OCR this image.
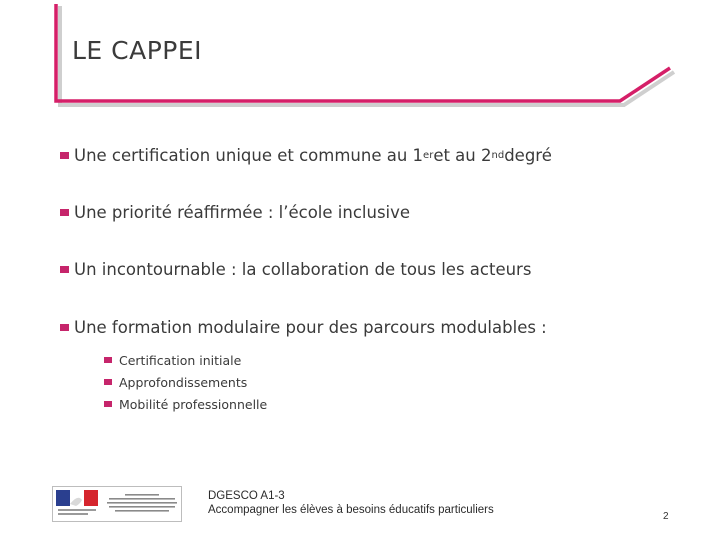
LE CAPPEI
Une certification unique et commune au 1 er et au 2 nd degré
Une priorité réaffirmée : l’école inclusive
Un incontournable : la collaboration de tous les acteurs
Une formation modulaire pour des parcours modulables :
Certification initiale
Approfondissements
Mobilité professionnelle
DGESCO A1-3
Accompagner les élèves à besoins éducatifs particuliers
2
